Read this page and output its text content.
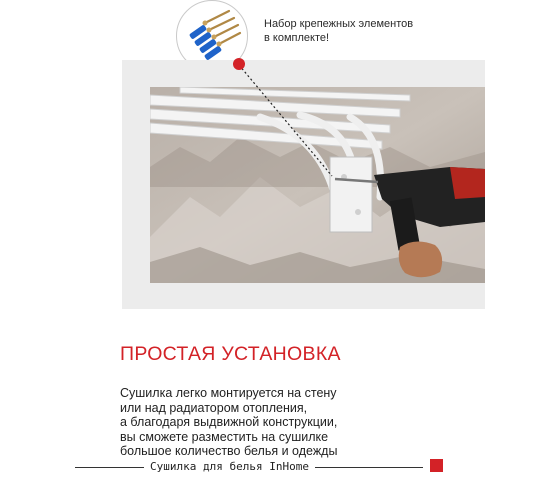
Набор крепежных элементов
в комплекте!
ПРОСТАЯ УСТАНОВКА
Сушилка легко монтируется на стену
или над радиатором отопления,
а благодаря выдвижной конструкции,
вы сможете разместить на сушилке
большое количество белья и одежды
Сушилка для белья InHome
